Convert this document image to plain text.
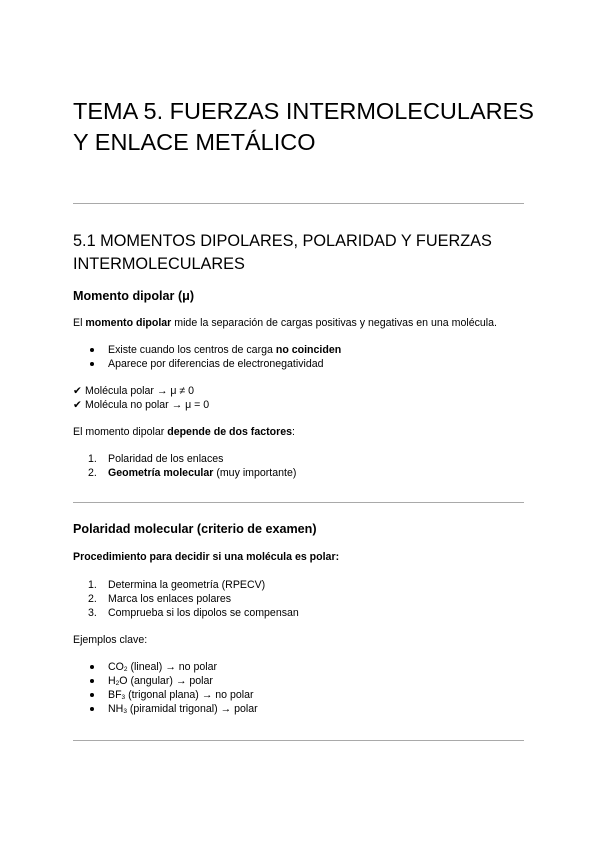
TEMA 5. FUERZAS INTERMOLECULARES Y ENLACE METÁLICO
5.1 MOMENTOS DIPOLARES, POLARIDAD Y FUERZAS INTERMOLECULARES
Momento dipolar (μ)

El momento dipolar mide la separación de cargas positivas y negativas en una molécula.

Existe cuando los centros de carga no coinciden
Aparece por diferencias de electronegatividad

✔ Molécula polar → μ ≠ 0

✔ Molécula no polar → μ = 0

El momento dipolar depende de dos factores:

1.	Polaridad de los enlaces
2.	Geometría molecular (muy importante)
Polaridad molecular (criterio de examen)

Procedimiento para decidir si una molécula es polar:

1.	Determina la geometría (RPECV)
2.	Marca los enlaces polares
3.	Comprueba si los dipolos se compensan

Ejemplos clave:

$CO_2$ (lineal) → no polar
$H_2O$ (angular) → polar
$BF_3$ (trigonal plana) → no polar
$NH_3$ (piramidal trigonal) → polar
